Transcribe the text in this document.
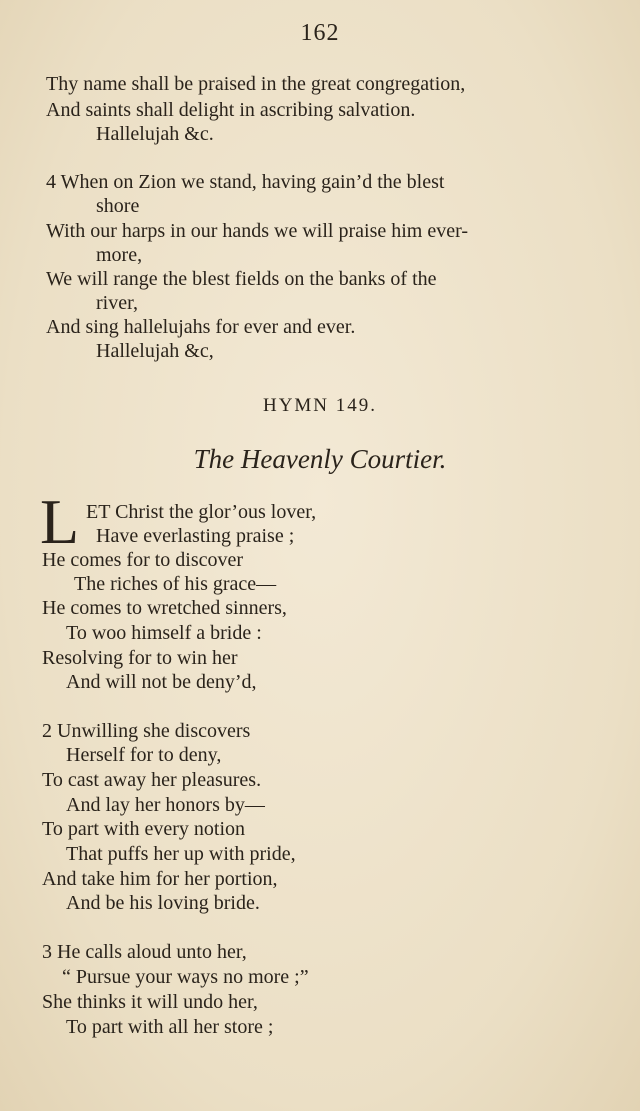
162
Thy name shall be praised in the great congregation,
And saints shall delight in ascribing salvation.
Hallelujah &c.
4 When on Zion we stand, having gain’d the blest
shore
With our harps in our hands we will praise him ever-
more,
We will range the blest fields on the banks of the
river,
And sing hallelujahs for ever and ever.
Hallelujah &c,
HYMN 149.
The Heavenly Courtier.
L ET Christ the glor’ous lover,
Have everlasting praise ;
He comes for to discover
The riches of his grace—
He comes to wretched sinners,
To woo himself a bride :
Resolving for to win her
And will not be deny’d,
2 Unwilling she discovers
Herself for to deny,
To cast away her pleasures.
And lay her honors by—
To part with every notion
That puffs her up with pride,
And take him for her portion,
And be his loving bride.
3 He calls aloud unto her,
“ Pursue your ways no more ;”
She thinks it will undo her,
To part with all her store ;
